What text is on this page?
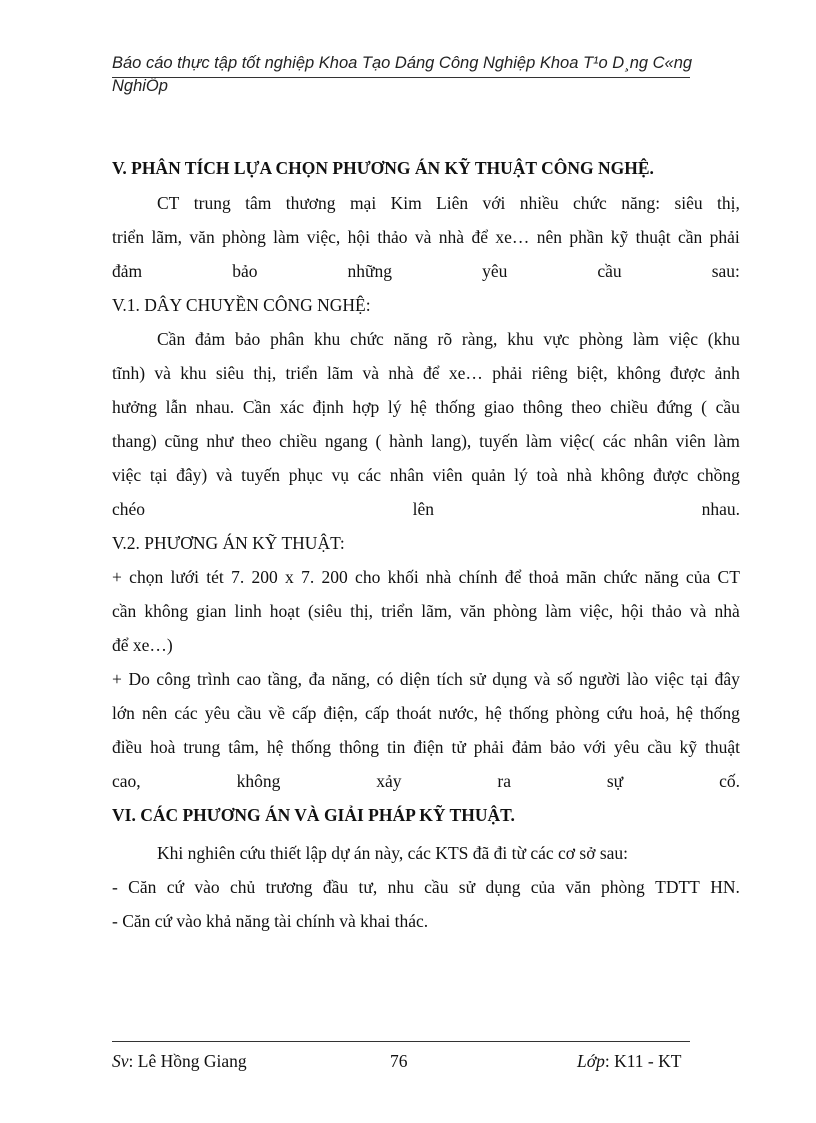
Báo cáo thực tập tốt nghiệp Khoa Tạo Dáng Công Nghiệp Khoa T¹o D¸ng C«ng
NghiÖp
V. PHÂN TÍCH LỰA CHỌN PHƯƠNG ÁN KỸ THUẬT CÔNG NGHỆ.
CT trung tâm thương mại Kim Liên với nhiều chức năng: siêu thị,
triển lãm, văn phòng làm việc, hội thảo và nhà để xe… nên phần kỹ thuật cần phải
đảm	bảo	những	yêu	cầu	sau:
V.1. DÂY CHUYỀN CÔNG NGHỆ:
Cần đảm bảo phân khu chức năng rõ ràng, khu vực phòng làm việc (khu
tĩnh) và khu siêu thị, triển lãm và nhà để xe… phải riêng biệt, không được ảnh
hưởng lẫn nhau. Cần xác định hợp lý hệ thống giao thông theo chiều đứng ( cầu
thang) cũng như theo chiều ngang ( hành lang), tuyến làm việc( các nhân viên làm
việc tại đây) và tuyến phục vụ các nhân viên quản lý toà nhà không được chồng
chéo	lên	nhau.
V.2. PHƯƠNG ÁN KỸ THUẬT:
+ chọn lưới tét 7. 200 x 7. 200 cho khối nhà chính để thoả mãn chức năng của CT
cần không gian linh hoạt (siêu thị, triển lãm, văn phòng làm việc, hội thảo và nhà
để xe…)
+ Do công trình cao tầng, đa năng, có diện tích sử dụng và số người lào việc tại đây
lớn nên các yêu cầu về cấp điện, cấp thoát nước, hệ thống phòng cứu hoả, hệ thống
điều hoà trung tâm, hệ thống thông tin điện tử phải đảm bảo với yêu cầu kỹ thuật
cao,	không	xảy	ra	sự	cố.
VI. CÁC PHƯƠNG ÁN VÀ GIẢI PHÁP KỸ THUẬT.
Khi nghiên cứu thiết lập dự án này, các KTS đã đi từ các cơ sở sau:
- Căn cứ vào chủ trương đầu tư, nhu cầu sử dụng của văn phòng TDTT HN.
- Căn cứ vào khả năng tài chính và khai thác.
Sv: Lê Hồng Giang	76	Lớp: K11 - KT
